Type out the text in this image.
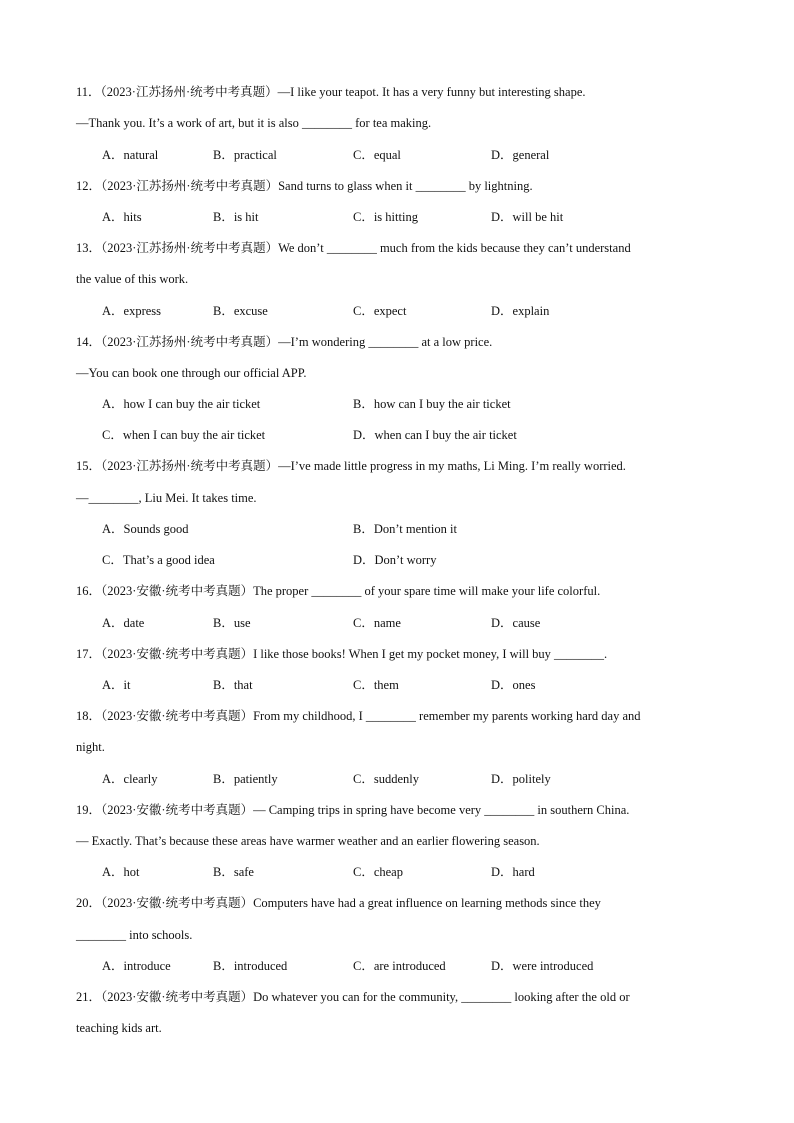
11．（2023·江苏扬州·统考中考真题）—I like your teapot. It has a very funny but interesting shape.
—Thank you. It’s a work of art, but it is also ________ for tea making.
A．natural	B．practical	C．equal	D．general
12．（2023·江苏扬州·统考中考真题）Sand turns to glass when it ________ by lightning.
A．hits	B．is hit	C．is hitting	D．will be hit
13．（2023·江苏扬州·统考中考真题）We don’t ________ much from the kids because they can’t understand
the value of this work.
A．express	B．excuse	C．expect	D．explain
14．（2023·江苏扬州·统考中考真题）—I’m wondering ________ at a low price.
—You can book one through our official APP.
A．how I can buy the air ticket	B．how can I buy the air ticket
C．when I can buy the air ticket	D．when can I buy the air ticket
15．（2023·江苏扬州·统考中考真题）—I’ve made little progress in my maths, Li Ming. I’m really worried.
—________, Liu Mei. It takes time.
A．Sounds good	B．Don’t mention it
C．That’s a good idea	D．Don’t worry
16．（2023·安徽·统考中考真题）The proper ________ of your spare time will make your life colorful.
A．date	B．use	C．name	D．cause
17．（2023·安徽·统考中考真题）I like those books! When I get my pocket money, I will buy ________.
A．it	B．that	C．them	D．ones
18．（2023·安徽·统考中考真题）From my childhood, I ________ remember my parents working hard day and
night.
A．clearly	B．patiently	C．suddenly	D．politely
19．（2023·安徽·统考中考真题）— Camping trips in spring have become very ________ in southern China.
— Exactly. That’s because these areas have warmer weather and an earlier flowering season.
A．hot	B．safe	C．cheap	D．hard
20．（2023·安徽·统考中考真题）Computers have had a great influence on learning methods since they
________ into schools.
A．introduce	B．introduced	C．are introduced	D．were introduced
21．（2023·安徽·统考中考真题）Do whatever you can for the community, ________ looking after the old or
teaching kids art.
